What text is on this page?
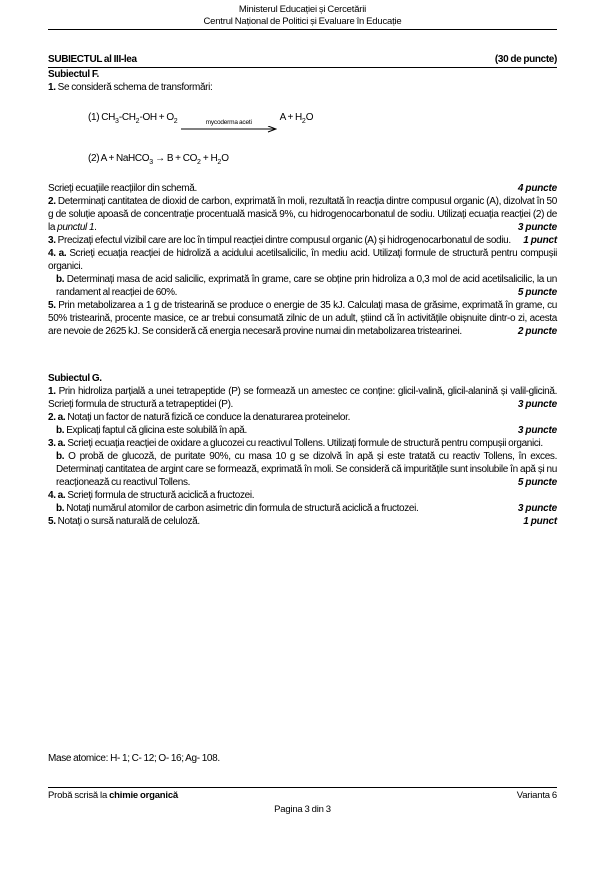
Ministerul Educației și Cercetării
Centrul Național de Politici și Evaluare în Educație
SUBIECTUL al III-lea	(30 de puncte)
Subiectul F.
1. Se consideră schema de transformări:
(1) $CH_3-CH_2-OH + O_2$	mycoderma aceti	$A + H_2O$
(2) A + NaHCO$_3$ → $B + CO_2 + H_2O$
Scrieți ecuațiile reacțiilor din schemă.	4 puncte
2. Determinați cantitatea de dioxid de carbon, exprimată în moli, rezultată în reacția dintre compusul organic (A), dizolvat în 50 g de soluție apoasă de concentrație procentuală masică 9%, cu hidrogenocarbonatul de sodiu. Utilizați ecuația reacției (2) de la punctul 1.	3 puncte
3. Precizați efectul vizibil care are loc în timpul reacției dintre compusul organic (A) și hidrogenocarbonatul de sodiu.	1 punct
4. a. Scrieți ecuația reacției de hidroliză a acidului acetilsalicilic, în mediu acid. Utilizați formule de structură pentru compușii organici.
b. Determinați masa de acid salicilic, exprimată în grame, care se obține prin hidroliza a 0,3 mol de acid acetilsalicilic, la un randament al reacției de 60%.	5 puncte
5. Prin metabolizarea a 1 g de tristearină se produce o energie de 35 kJ. Calculați masa de grăsime, exprimată în grame, cu 50% tristearină, procente masice, ce ar trebui consumată zilnic de un adult, știind că în activitățile obișnuite dintr-o zi, acesta are nevoie de 2625 kJ. Se consideră că energia necesară provine numai din metabolizarea tristearinei.	2 puncte
Subiectul G.
1. Prin hidroliza parțială a unei tetrapeptide (P) se formează un amestec ce conține: glicil-valină, glicil-alanină și valil-glicină. Scrieți formula de structură a tetrapeptidei (P).	3 puncte
2. a. Notați un factor de natură fizică ce conduce la denaturarea proteinelor.
b. Explicați faptul că glicina este solubilă în apă.	3 puncte
3. a. Scrieți ecuația reacției de oxidare a glucozei cu reactivul Tollens. Utilizați formule de structură pentru compușii organici.
b. O probă de glucoză, de puritate 90%, cu masa 10 g se dizolvă în apă și este tratată cu reactiv Tollens, în exces. Determinați cantitatea de argint care se formează, exprimată în moli. Se consideră că impuritățile sunt insolubile în apă și nu reacționează cu reactivul Tollens.	5 puncte
4. a. Scrieți formula de structură aciclică a fructozei.
b. Notați numărul atomilor de carbon asimetric din formula de structură aciclică a fructozei.	3 puncte
5. Notați o sursă naturală de celuloză.	1 punct
Mase atomice: H- 1; C- 12; O- 16; Ag- 108.
Probă scrisă la chimie organică	Varianta 6
Pagina 3 din 3
